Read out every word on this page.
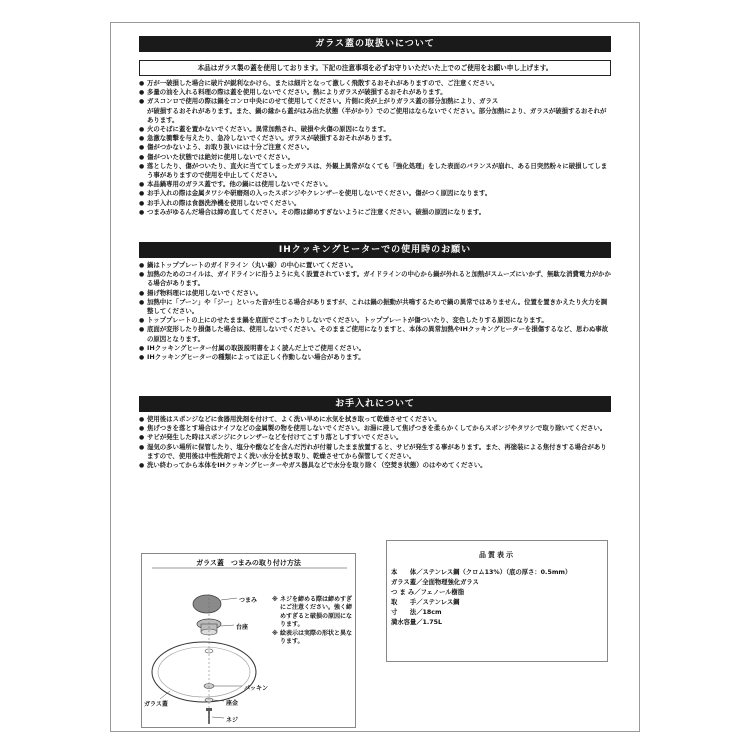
ガラス蓋の取扱いについて
本品はガラス製の蓋を使用しております。下記の注意事項を必ずお守りいただいた上でのご使用をお願い申し上げます。
● 万が一破損した場合に破片が鋭利なかけら、または細片となって激しく飛散するおそれがありますので、ご注意ください。
● 多量の油を入れる料理の際は蓋を使用しないでください。熱によりガラスが破損するおそれがあります。
● ガスコンロで使用の際は鍋をコンロ中央にのせて使用してください。片側に炎が上がりガラス蓋の部分加熱により、ガラス
が破損するおそれがあります。また、鍋の縁から蓋がはみ出た状態（半がかり）でのご使用はならないでください。部分加熱により、ガラスが破損するおそれがあります。
● 火のそばに蓋を置かないでください。異常加熱され、破損や火傷の原因になります。
● 急激な衝撃を与えたり、急冷しないでください。ガラスが破損するおそれがあります。
● 傷がつかないよう、お取り扱いには十分ご注意ください。
● 傷がついた状態では絶対に使用しないでください。
● 落としたり、傷がついたり、直火に当ててしまったガラスは、外観上異常がなくても「強化処理」をした表面のバランスが崩れ、ある日突然粉々に破損してしまう事がありますので使用を中止してください。
● 本品鍋専用のガラス蓋です。他の鍋には使用しないでください。
● お手入れの際は金属タワシや研磨剤の入ったスポンジやクレンザーを使用しないでください。傷がつく原因になります。
● お手入れの際は食器洗浄機を使用しないでください。
● つまみがゆるんだ場合は締め直してください。その際は締めすぎないようにご注意ください。破損の原因になります。
IHクッキングヒーターでの使用時のお願い
● 鍋はトッププレートのガイドライン（丸い線）の中心に置いてください。
● 加熱のためのコイルは、ガイドラインに沿うように丸く設置されています。ガイドラインの中心から鍋が外れると加熱がスムーズにいかず、無駄な消費電力がかかる場合があります。
● 揚げ物料理には使用しないでください。
● 加熱中に「ブーン」や「ジー」といった音が生じる場合がありますが、これは鍋の振動が共鳴するためで鍋の異常ではありません。位置を置きかえたり火力を調整してください。
● トッププレートの上にのせたまま鍋を底面でこすったりしないでください。トッププレートが傷ついたり、変色したりする原因になります。
● 底面が変形したり損傷した場合は、使用しないでください。そのままご使用になりますと、本体の異常加熱やIHクッキングヒーターを損傷するなど、思わぬ事故の原因となります。
● IHクッキングヒーター付属の取扱説明書をよく読んだ上でご使用ください。
● IHクッキングヒーターの種類によっては正しく作動しない場合があります。
お手入れについて
● 使用後はスポンジなどに食器用洗剤を付けて、よく洗い早めに水気を拭き取って乾燥させてください。
● 焦げつきを落とす場合はナイフなどの金属製の物を使用しないでください。お湯に浸して焦げつきを柔らかくしてからスポンジやタワシで取り除いてください。
● サビが発生した時はスポンジにクレンザーなどを付けてこすり落としすすいでください。
● 湿気の多い場所に保管したり、塩分や酸などを含んだ汚れが付着したまま放置すると、サビが発生する事があります。また、再塗装による焦付きする場合がありますので、使用後は中性洗剤でよく洗い水分を拭き取り、乾燥させてから保管してください。
● 洗い終わってから本体をIHクッキングヒーターやガス器具などで水分を取り除く（空焚き状態）のはやめてください。
ガラス蓋　つまみの取り付け方法
つまみ
台座
パッキン
ガラス蓋	座金
ネジ
※ ネジを締める際は締めすぎにご注意ください。強く締めすぎると破損の原因になります。
※ 絵表示は実際の形状と異なります。
品質表示
本　　体／ステンレス鋼（クロム13%）（底の厚さ：0.5mm）
ガラス蓋／全面物理強化ガラス
つ ま み／フェノール樹脂
取　　手／ステンレス鋼
寸　　法／18cm
満水容量／1.75L
